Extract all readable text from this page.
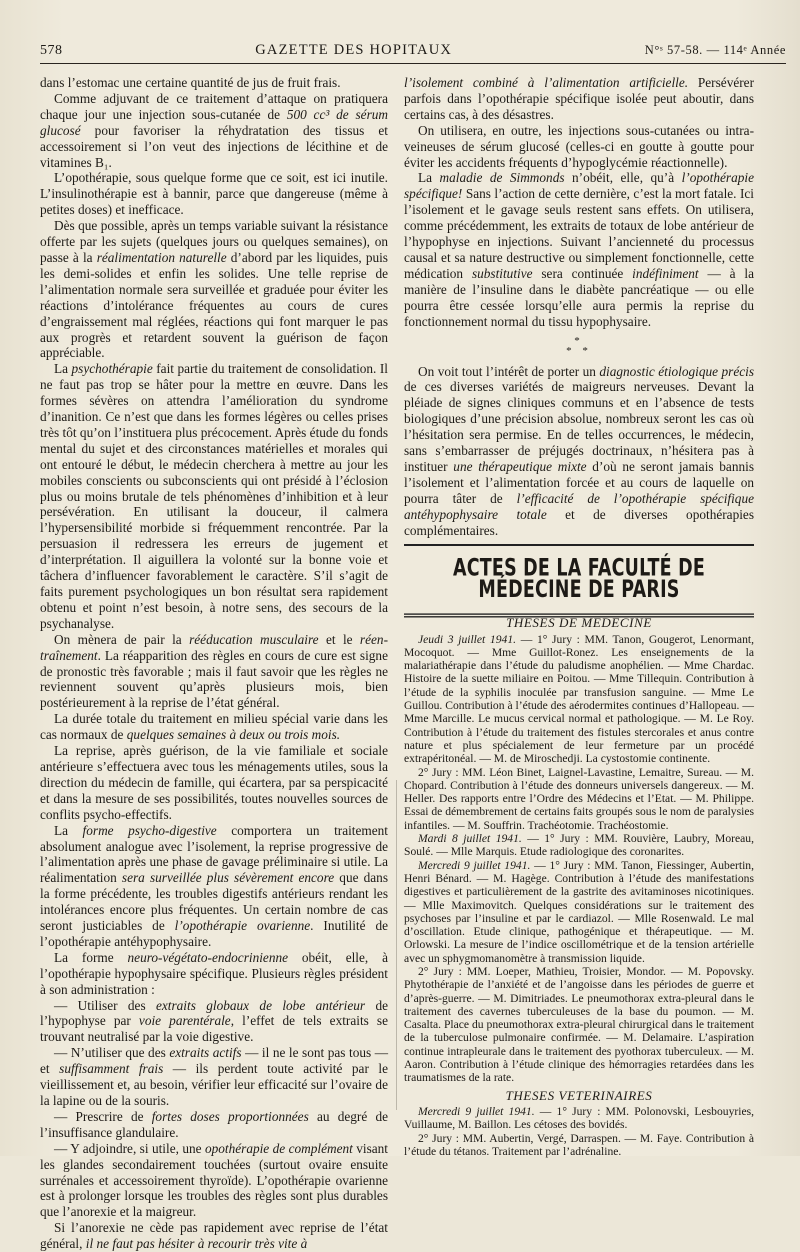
578	GAZETTE DES HOPITAUX	N°ˢ 57-58. — 114ᵉ Année

dans l’estomac une certaine quantité de jus de fruit frais.

Comme adjuvant de ce traitement d’attaque on pratiquera chaque jour une injection sous-cutanée de 500 cc³ de sérum glucosé pour favoriser la réhydratation des tissus et accessoirement si l’on veut des injections de lécithine et de vitamines B₁.

L’opothérapie, sous quelque forme que ce soit, est ici inutile. L’insulinothérapie est à bannir, parce que dangereuse (même à petites doses) et inefficace.

Dès que possible, après un temps variable suivant la résistance offerte par les sujets (quelques jours ou quelques semaines), on passe à la réalimentation naturelle d’abord par les liquides, puis les demi-solides et enfin les solides. Une telle reprise de l’alimentation normale sera surveillée et graduée pour éviter les réactions d’intolérance fréquentes au cours de cures d’engraissement mal réglées, réactions qui font marquer le pas aux progrès et retardent souvent la guérison de façon appréciable.

La psychothérapie fait partie du traitement de consolidation. Il ne faut pas trop se hâter pour la mettre en œuvre. Dans les formes sévères on attendra l’amélioration du syndrome d’inanition. Ce n’est que dans les formes légères ou celles prises très tôt qu’on l’instituera plus précocement. Après étude du fonds mental du sujet et des circonstances matérielles et morales qui ont entouré le début, le médecin cherchera à mettre au jour les mobiles conscients ou subconscients qui ont présidé à l’éclosion plus ou moins brutale de tels phénomènes d’inhibition et à leur persévération. En utilisant la douceur, il calmera l’hypersensibilité morbide si fréquemment rencontrée. Par la persuasion il redressera les erreurs de jugement et d’interprétation. Il aiguillera la volonté sur la bonne voie et tâchera d’influencer favorablement le caractère. S’il s’agit de faits purement psychologiques un bon résultat sera rapidement obtenu et point n’est besoin, à notre sens, des secours de la psychanalyse.

On mènera de pair la rééducation musculaire et le réentraînement. La réapparition des règles en cours de cure est signe de pronostic très favorable ; mais il faut savoir que les règles ne reviennent souvent qu’après plusieurs mois, bien postérieurement à la reprise de l’état général.

La durée totale du traitement en milieu spécial varie dans les cas normaux de quelques semaines à deux ou trois mois.

La reprise, après guérison, de la vie familiale et sociale antérieure s’effectuera avec tous les ménagements utiles, sous la direction du médecin de famille, qui écartera, par sa perspicacité et dans la mesure de ses possibilités, toutes nouvelles sources de conflits psycho-effectifs.

La forme psycho-digestive comportera un traitement absolument analogue avec l’isolement, la reprise progressive de l’alimentation après une phase de gavage préliminaire si utile. La réalimentation sera surveillée plus sévèrement encore que dans la forme précédente, les troubles digestifs antérieurs rendant les intolérances encore plus fréquentes. Un certain nombre de cas seront justiciables de l’opothérapie ovarienne. Inutilité de l’opothérapie antéhypophysaire.

La forme neuro-végétato-endocrinienne obéit, elle, à l’opothérapie hypophysaire spécifique. Plusieurs règles président à son administration :

— Utiliser des extraits globaux de lobe antérieur de l’hypophyse par voie parentérale, l’effet de tels extraits se trouvant neutralisé par la voie digestive.

— N’utiliser que des extraits actifs — il ne le sont pas tous — et suffisamment frais — ils perdent toute activité par le vieillissement et, au besoin, vérifier leur efficacité sur l’ovaire de la lapine ou de la souris.

— Prescrire de fortes doses proportionnées au degré de l’insuffisance glandulaire.

— Y adjoindre, si utile, une opothérapie de complément visant les glandes secondairement touchées (surtout ovaire ensuite surrénales et accessoirement thyroïde). L’opothérapie ovarienne est à prolonger lorsque les troubles des règles sont plus durables que l’anorexie et la maigreur.

Si l’anorexie ne cède pas rapidement avec reprise de l’état général, il ne faut pas hésiter à recourir très vite à

l’isolement combiné à l’alimentation artificielle. Persévérer parfois dans l’opothérapie spécifique isolée peut aboutir, dans certains cas, à des désastres.

On utilisera, en outre, les injections sous-cutanées ou intra-veineuses de sérum glucosé (celles-ci en goutte à goutte pour éviter les accidents fréquents d’hypoglycémie réactionnelle).

La maladie de Simmonds n’obéit, elle, qu’à l’opothérapie spécifique! Sans l’action de cette dernière, c’est la mort fatale. Ici l’isolement et le gavage seuls restent sans effets. On utilisera, comme précédemment, les extraits de totaux de lobe antérieur de l’hypophyse en injections. Suivant l’ancienneté du processus causal et sa nature destructive ou simplement fonctionnelle, cette médication substitutive sera continuée indéfiniment — à la manière de l’insuline dans le diabète pancréatique — ou elle pourra être cessée lorsqu’elle aura permis la reprise du fonctionnement normal du tissu hypophysaire.

*
* *

On voit tout l’intérêt de porter un diagnostic étiologique précis de ces diverses variétés de maigreurs nerveuses. Devant la pléiade de signes cliniques communs et en l’absence de tests biologiques d’une précision absolue, nombreux seront les cas où l’hésitation sera permise. En de telles occurrences, le médecin, sans s’embarrasser de préjugés doctrinaux, n’hésitera pas à instituer une thérapeutique mixte d’où ne seront jamais bannis l’isolement et l’alimentation forcée et au cours de laquelle on pourra tâter de l’efficacité de l’opothérapie spécifique antéhypophysaire totale et de diverses opothérapies complémentaires.

ACTES DE LA FACULTÉ DE MÉDECINE DE PARIS
THESES DE MEDECINE

Jeudi 3 juillet 1941. — 1° Jury : MM. Tanon, Gougerot, Lenormant, Mocoquot. — Mme Guillot-Ronez. Les enseignements de la malariathérapie dans l’étude du paludisme anophélien. — Mme Chardac. Histoire de la suette miliaire en Poitou. — Mme Tillequin. Contribution à l’étude de la syphilis inoculée par transfusion sanguine. — Mme Le Guillou. Contribution à l’étude des aérodermites continues d’Hallopeau. — Mme Marcille. Le mucus cervical normal et pathologique. — M. Le Roy. Contribution à l’étude du traitement des fistules stercorales et anus contre nature et plus spécialement de leur fermeture par un procédé extrapéritonéal. — M. de Miroschedji. La cystostomie continente.

2° Jury : MM. Léon Binet, Laignel-Lavastine, Lemaitre, Sureau. — M. Chopard. Contribution à l’étude des donneurs universels dangereux. — M. Heller. Des rapports entre l’Ordre des Médecins et l’Etat. — M. Philippe. Essai de démembrement de certains faits groupés sous le nom de paralysies infantiles. — M. Souffrin. Trachéotomie. Trachéostomie.

Mardi 8 juillet 1941. — 1° Jury : MM. Rouvière, Laubry, Moreau, Soulé. — Mlle Marquis. Etude radiologique des coronarites.

Mercredi 9 juillet 1941. — 1° Jury : MM. Tanon, Fiessinger, Aubertin, Henri Bénard. — M. Hagège. Contribution à l’étude des manifestations digestives et particulièrement de la gastrite des avitaminoses nicotiniques. — Mlle Maximovitch. Quelques considérations sur le traitement des psychoses par l’insuline et par le cardiazol. — Mlle Rosenwald. Le mal d’oscillation. Etude clinique, pathogénique et thérapeutique. — M. Orlowski. La mesure de l’indice oscillométrique et de la tension artérielle avec un sphygmomanomètre à transmission liquide.

2° Jury : MM. Loeper, Mathieu, Troisier, Mondor. — M. Popovsky. Phytothérapie de l’anxiété et de l’angoisse dans les périodes de guerre et d’après-guerre. — M. Dimitriades. Le pneumothorax extra-pleural dans le traitement des cavernes tuberculeuses de la base du poumon. — M. Casalta. Place du pneumothorax extra-pleural chirurgical dans le traitement de la tuberculose pulmonaire confirmée. — M. Delamaire. L’aspiration continue intrapleurale dans le traitement des pyothorax tuberculeux. — M. Aaron. Contribution à l’étude clinique des hémorragies retardées dans les traumatismes de la rate.

THESES VETERINAIRES

Mercredi 9 juillet 1941. — 1° Jury : MM. Polonovski, Lesbouyries, Vuillaume, M. Baillon. Les cétoses des bovidés.

2° Jury : MM. Aubertin, Vergé, Darraspen. — M. Faye. Contribution à l’étude du tétanos. Traitement par l’adrénaline.
